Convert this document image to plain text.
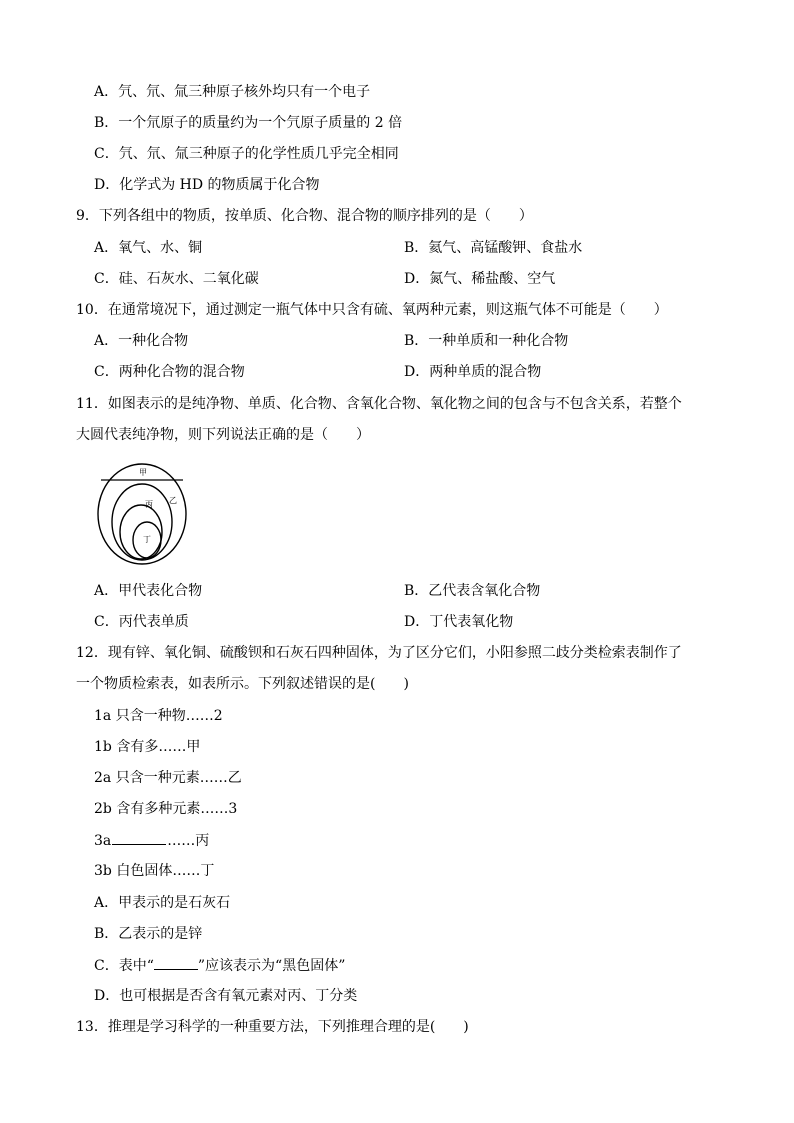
A．氕、氘、氚三种原子核外均只有一个电子
B．一个氘原子的质量约为一个氕原子质量的 2 倍
C．氕、氘、氚三种原子的化学性质几乎完全相同
D．化学式为 HD 的物质属于化合物
9．下列各组中的物质，按单质、化合物、混合物的顺序排列的是（　　）
A．氧气、水、铜	B．氦气、高锰酸钾、食盐水
C．硅、石灰水、二氧化碳	D．氮气、稀盐酸、空气
10．在通常境况下，通过测定一瓶气体中只含有硫、氧两种元素，则这瓶气体不可能是（　　）
A．一种化合物	B．一种单质和一种化合物
C．两种化合物的混合物	D．两种单质的混合物
11．如图表示的是纯净物、单质、化合物、含氧化合物、氧化物之间的包含与不包含关系，若整个
大圆代表纯净物，则下列说法正确的是（　　）
甲
乙
丙
丁
A．甲代表化合物	B．乙代表含氧化合物
C．丙代表单质	D．丁代表氧化物
12．现有锌、氧化铜、硫酸钡和石灰石四种固体，为了区分它们，小阳参照二歧分类检索表制作了
一个物质检索表，如表所示。下列叙述错误的是(　　)
1a 只含一种物……2
1b 含有多……甲
2a 只含一种元素……乙
2b 含有多种元素……3
3a	……丙
3b 白色固体……丁
A．甲表示的是石灰石
B．乙表示的是锌
C．表中“	”应该表示为“黑色固体”
D．也可根据是否含有氧元素对丙、丁分类
13．推理是学习科学的一种重要方法，下列推理合理的是(　　)
